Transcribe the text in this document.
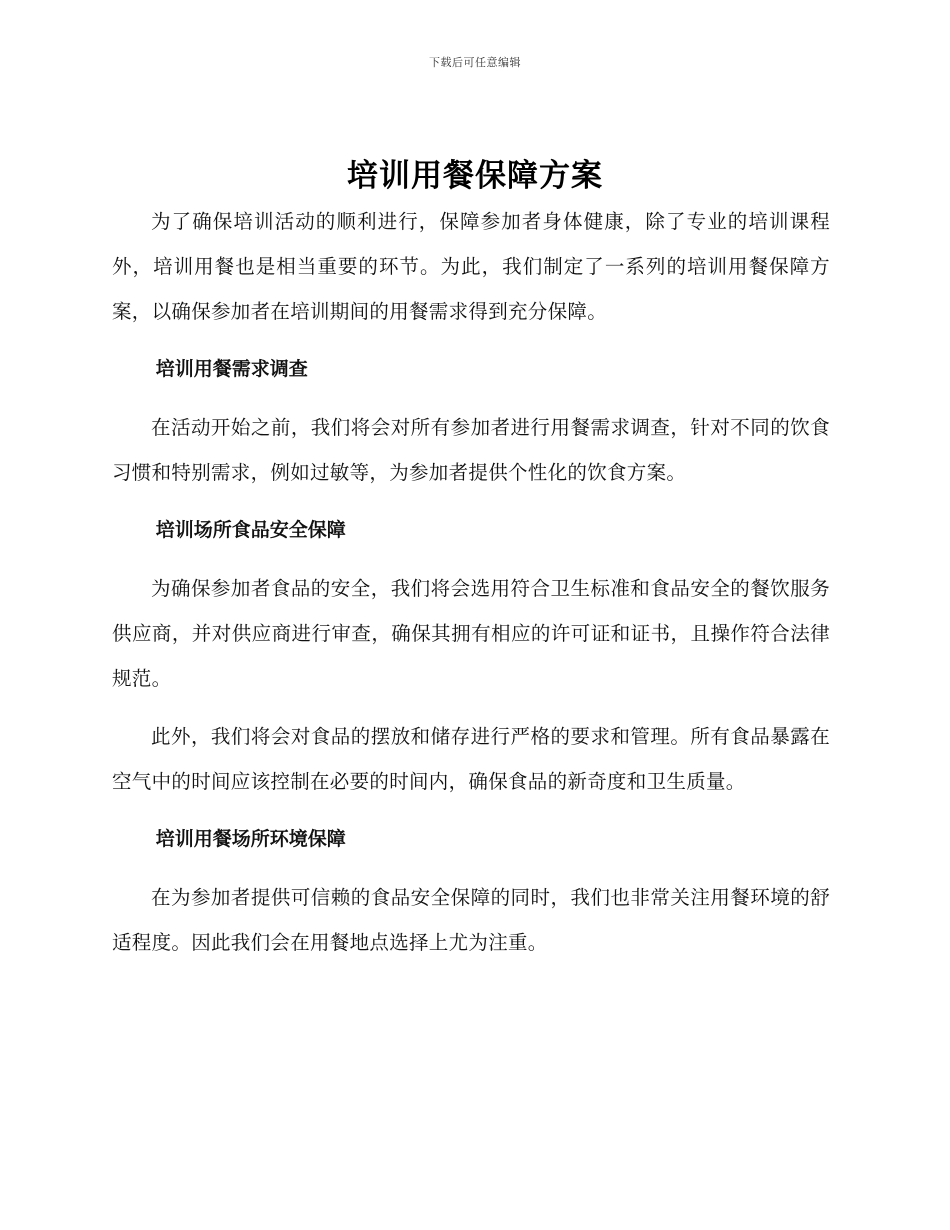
下载后可任意编辑
培训用餐保障方案

为了确保培训活动的顺利进行，保障参加者身体健康，除了专业的培训课程外，培训用餐也是相当重要的环节。为此，我们制定了一系列的培训用餐保障方案，以确保参加者在培训期间的用餐需求得到充分保障。

培训用餐需求调查

在活动开始之前，我们将会对所有参加者进行用餐需求调查，针对不同的饮食习惯和特别需求，例如过敏等，为参加者提供个性化的饮食方案。

培训场所食品安全保障

为确保参加者食品的安全，我们将会选用符合卫生标准和食品安全的餐饮服务供应商，并对供应商进行审查，确保其拥有相应的许可证和证书，且操作符合法律规范。

此外，我们将会对食品的摆放和储存进行严格的要求和管理。所有食品暴露在空气中的时间应该控制在必要的时间内，确保食品的新奇度和卫生质量。

培训用餐场所环境保障

在为参加者提供可信赖的食品安全保障的同时，我们也非常关注用餐环境的舒适程度。因此我们会在用餐地点选择上尤为注重。
